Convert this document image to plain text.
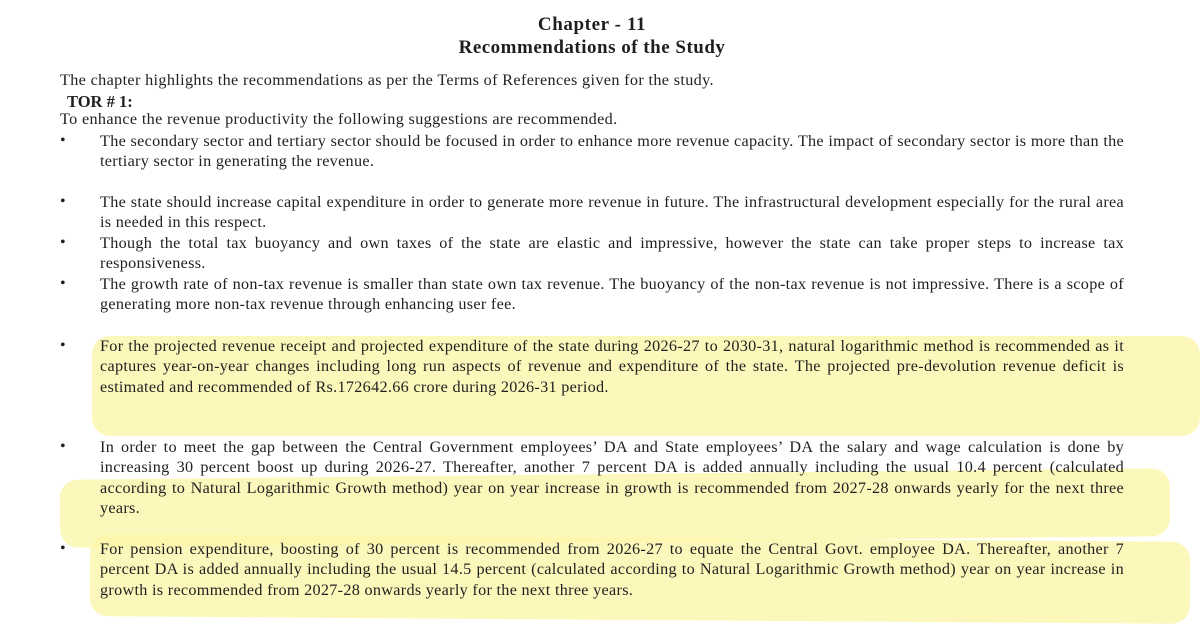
Chapter - 11
Recommendations of the Study
The chapter highlights the recommendations as per the Terms of References given for the study.
TOR # 1:
To enhance the revenue productivity the following suggestions are recommended.
• The secondary sector and tertiary sector should be focused in order to enhance more revenue capacity. The impact of secondary sector is more than the tertiary sector in generating the revenue.
• The state should increase capital expenditure in order to generate more revenue in future. The infrastructural development especially for the rural area is needed in this respect.
• Though the total tax buoyancy and own taxes of the state are elastic and impressive, however the state can take proper steps to increase tax responsiveness.
• The growth rate of non-tax revenue is smaller than state own tax revenue. The buoyancy of the non-tax revenue is not impressive. There is a scope of generating more non-tax revenue through enhancing user fee.
• For the projected revenue receipt and projected expenditure of the state during 2026-27 to 2030-31, natural logarithmic method is recommended as it captures year-on-year changes including long run aspects of revenue and expenditure of the state. The projected pre-devolution revenue deficit is estimated and recommended of Rs.172642.66 crore during 2026-31 period.
• In order to meet the gap between the Central Government employees’ DA and State employees’ DA the salary and wage calculation is done by increasing 30 percent boost up during 2026-27. Thereafter, another 7 percent DA is added annually including the usual 10.4 percent (calculated according to Natural Logarithmic Growth method) year on year increase in growth is recommended from 2027-28 onwards yearly for the next three years.
• For pension expenditure, boosting of 30 percent is recommended from 2026-27 to equate the Central Govt. employee DA. Thereafter, another 7 percent DA is added annually including the usual 14.5 percent (calculated according to Natural Logarithmic Growth method) year on year increase in growth is recommended from 2027-28 onwards yearly for the next three years.
